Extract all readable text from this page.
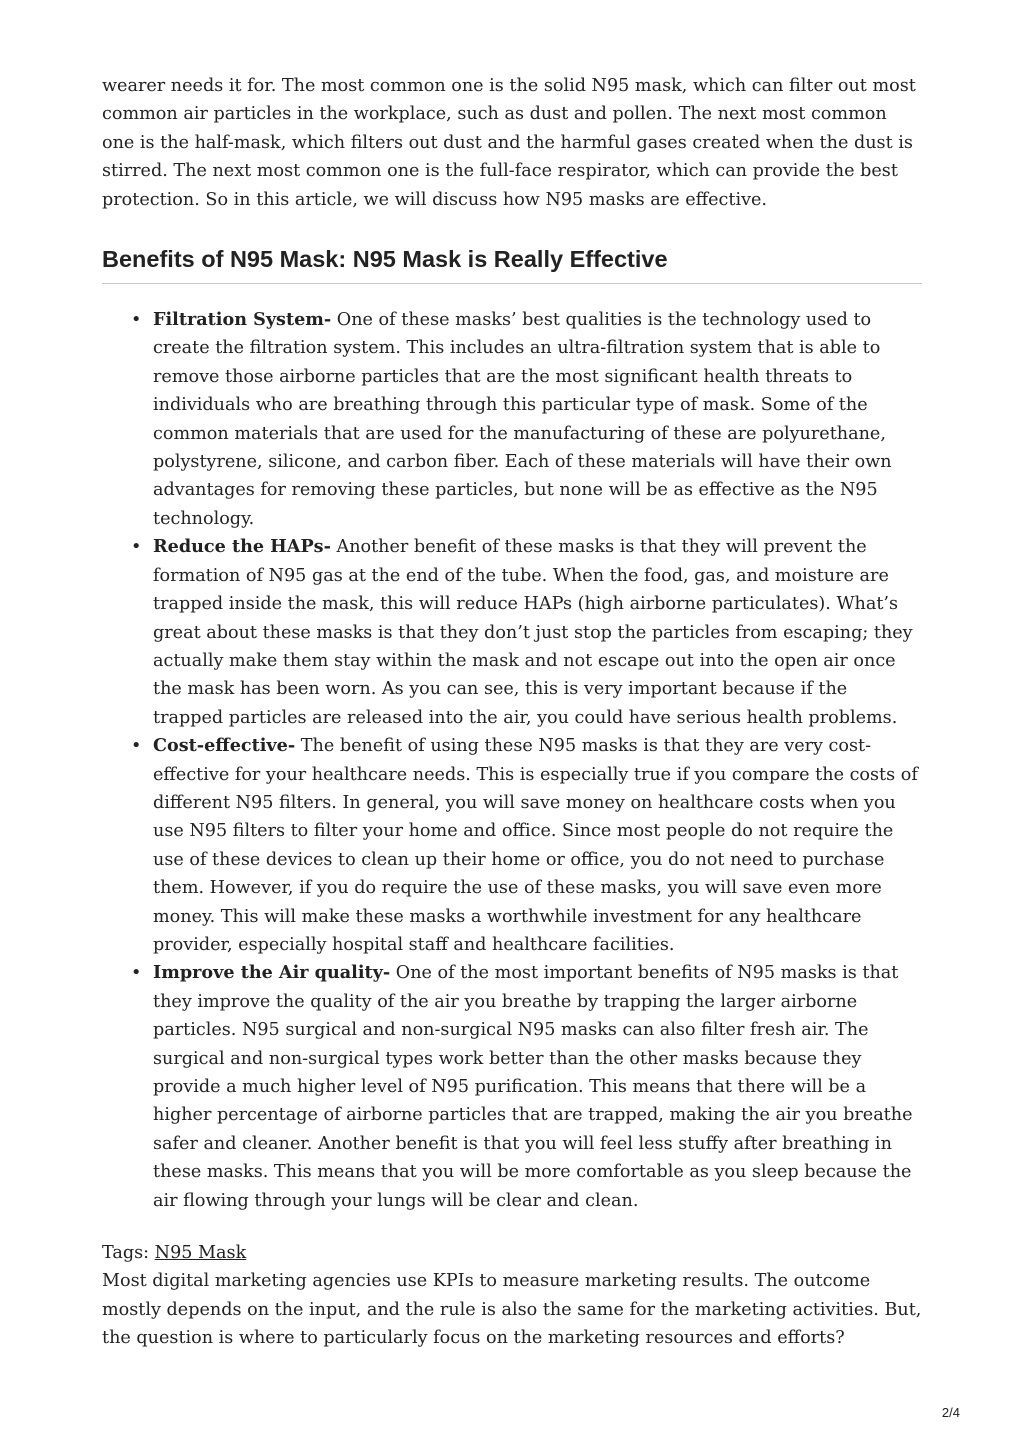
wearer needs it for. The most common one is the solid N95 mask, which can filter out most common air particles in the workplace, such as dust and pollen. The next most common one is the half-mask, which filters out dust and the harmful gases created when the dust is stirred. The next most common one is the full-face respirator, which can provide the best protection. So in this article, we will discuss how N95 masks are effective.

Benefits of N95 Mask: N95 Mask is Really Effective
• Filtration System- One of these masks’ best qualities is the technology used to create the filtration system. This includes an ultra-filtration system that is able to remove those airborne particles that are the most significant health threats to individuals who are breathing through this particular type of mask. Some of the common materials that are used for the manufacturing of these are polyurethane, polystyrene, silicone, and carbon fiber. Each of these materials will have their own advantages for removing these particles, but none will be as effective as the N95 technology.
• Reduce the HAPs- Another benefit of these masks is that they will prevent the formation of N95 gas at the end of the tube. When the food, gas, and moisture are trapped inside the mask, this will reduce HAPs (high airborne particulates). What’s great about these masks is that they don’t just stop the particles from escaping; they actually make them stay within the mask and not escape out into the open air once the mask has been worn. As you can see, this is very important because if the trapped particles are released into the air, you could have serious health problems.
• Cost-effective- The benefit of using these N95 masks is that they are very cost-effective for your healthcare needs. This is especially true if you compare the costs of different N95 filters. In general, you will save money on healthcare costs when you use N95 filters to filter your home and office. Since most people do not require the use of these devices to clean up their home or office, you do not need to purchase them. However, if you do require the use of these masks, you will save even more money. This will make these masks a worthwhile investment for any healthcare provider, especially hospital staff and healthcare facilities.
• Improve the Air quality- One of the most important benefits of N95 masks is that they improve the quality of the air you breathe by trapping the larger airborne particles. N95 surgical and non-surgical N95 masks can also filter fresh air. The surgical and non-surgical types work better than the other masks because they provide a much higher level of N95 purification. This means that there will be a higher percentage of airborne particles that are trapped, making the air you breathe safer and cleaner. Another benefit is that you will feel less stuffy after breathing in these masks. This means that you will be more comfortable as you sleep because the air flowing through your lungs will be clear and clean.

Tags: N95 Mask

Most digital marketing agencies use KPIs to measure marketing results. The outcome mostly depends on the input, and the rule is also the same for the marketing activities. But, the question is where to particularly focus on the marketing resources and efforts?

2/4
